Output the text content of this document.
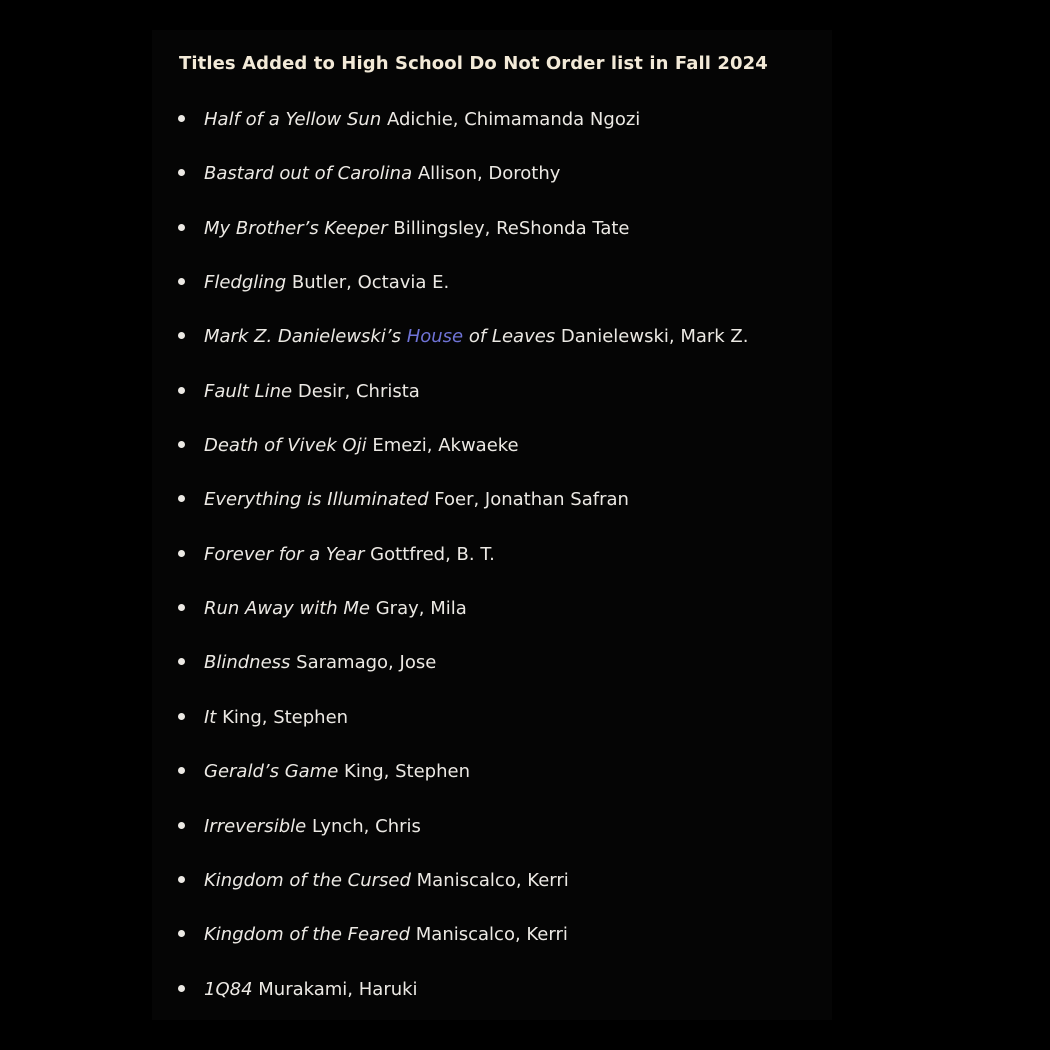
Titles Added to High School Do Not Order list in Fall 2024
Half of a Yellow Sun Adichie, Chimamanda Ngozi
Bastard out of Carolina Allison, Dorothy
My Brother’s Keeper Billingsley, ReShonda Tate
Fledgling Butler, Octavia E.
Mark Z. Danielewski’s House of Leaves Danielewski, Mark Z.
Fault Line Desir, Christa
Death of Vivek Oji Emezi, Akwaeke
Everything is Illuminated Foer, Jonathan Safran
Forever for a Year Gottfred, B. T.
Run Away with Me Gray, Mila
Blindness Saramago, Jose
It King, Stephen
Gerald’s Game King, Stephen
Irreversible Lynch, Chris
Kingdom of the Cursed Maniscalco, Kerri
Kingdom of the Feared Maniscalco, Kerri
1Q84 Murakami, Haruki
